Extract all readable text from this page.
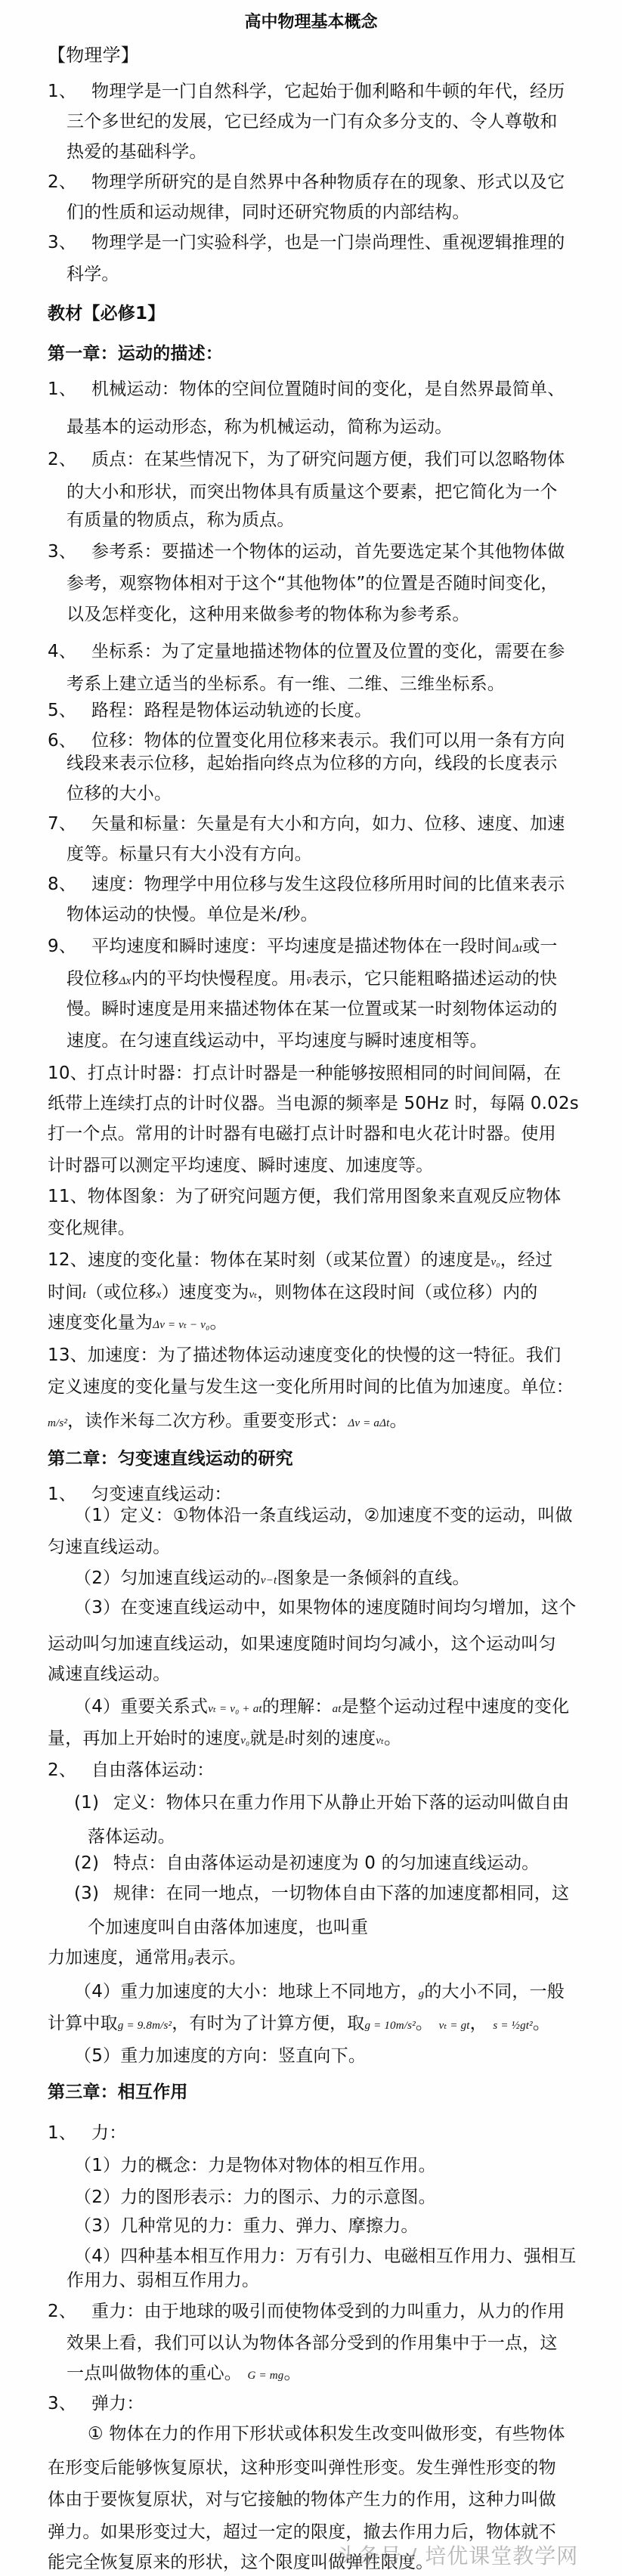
高中物理基本概念
【物理学】
1、 物理学是一门自然科学，它起始于伽利略和牛顿的年代，经历
三个多世纪的发展，它已经成为一门有众多分支的、令人尊敬和
热爱的基础科学。
2、 物理学所研究的是自然界中各种物质存在的现象、形式以及它
们的性质和运动规律，同时还研究物质的内部结构。
3、 物理学是一门实验科学，也是一门崇尚理性、重视逻辑推理的
科学。
教材【必修1】
第一章：运动的描述：
1、 机械运动：物体的空间位置随时间的变化，是自然界最简单、
最基本的运动形态，称为机械运动，简称为运动。
2、 质点：在某些情况下，为了研究问题方便，我们可以忽略物体
的大小和形状，而突出物体具有质量这个要素，把它简化为一个
有质量的物质点，称为质点。
3、 参考系：要描述一个物体的运动，首先要选定某个其他物体做
参考，观察物体相对于这个“其他物体”的位置是否随时间变化，
以及怎样变化，这种用来做参考的物体称为参考系。
4、 坐标系：为了定量地描述物体的位置及位置的变化，需要在参
考系上建立适当的坐标系。有一维、二维、三维坐标系。
5、 路程：路程是物体运动轨迹的长度。
6、 位移：物体的位置变化用位移来表示。我们可以用一条有方向
线段来表示位移，起始指向终点为位移的方向，线段的长度表示
位移的大小。
7、 矢量和标量：矢量是有大小和方向，如力、位移、速度、加速
度等。标量只有大小没有方向。
8、 速度：物理学中用位移与发生这段位移所用时间的比值来表示
物体运动的快慢。单位是米/秒。
9、 平均速度和瞬时速度：平均速度是描述物体在一段时间Δt或一
段位移Δx内的平均快慢程度。用v̄表示，它只能粗略描述运动的快
慢。瞬时速度是用来描述物体在某一位置或某一时刻物体运动的
速度。在匀速直线运动中，平均速度与瞬时速度相等。
10、打点计时器：打点计时器是一种能够按照相同的时间间隔，在
纸带上连续打点的计时仪器。当电源的频率是 50Hz 时，每隔 0.02s
打一个点。常用的计时器有电磁打点计时器和电火花计时器。使用
计时器可以测定平均速度、瞬时速度、加速度等。
11、物体图象：为了研究问题方便，我们常用图象来直观反应物体
变化规律。
12、速度的变化量：物体在某时刻（或某位置）的速度是v₀，经过
时间t（或位移x）速度变为vₜ，则物体在这段时间（或位移）内的
速度变化量为Δv = vₜ − v₀。
13、加速度：为了描述物体运动速度变化的快慢的这一特征。我们
定义速度的变化量与发生这一变化所用时间的比值为加速度。单位：
m/s²，读作米每二次方秒。重要变形式：Δv = aΔt。
第二章：匀变速直线运动的研究
1、 匀变速直线运动：
（1）定义：①物体沿一条直线运动，②加速度不变的运动，叫做
匀速直线运动。
（2）匀加速直线运动的v−t图象是一条倾斜的直线。
（3）在变速直线运动中，如果物体的速度随时间均匀增加，这个
运动叫匀加速直线运动，如果速度随时间均匀减小，这个运动叫匀
减速直线运动。
（4）重要关系式vₜ = v₀ + at的理解：at是整个运动过程中速度的变化
量，再加上开始时的速度v₀就是t时刻的速度vₜ。
2、 自由落体运动：
(1) 定义：物体只在重力作用下从静止开始下落的运动叫做自由
落体运动。
(2) 特点：自由落体运动是初速度为 0 的匀加速直线运动。
(3) 规律：在同一地点，一切物体自由下落的加速度都相同，这
个加速度叫自由落体加速度，也叫重
力加速度，通常用g表示。
（4）重力加速度的大小：地球上不同地方，g的大小不同，一般
计算中取g = 9.8m/s²，有时为了计算方便，取g = 10m/s²。 vₜ = gt， s = ½gt²。
（5）重力加速度的方向：竖直向下。
第三章：相互作用
1、 力：
（1）力的概念：力是物体对物体的相互作用。
（2）力的图形表示：力的图示、力的示意图。
（3）几种常见的力：重力、弹力、摩擦力。
（4）四种基本相互作用力：万有引力、电磁相互作用力、强相互
作用力、弱相互作用力。
2、 重力：由于地球的吸引而使物体受到的力叫重力，从力的作用
效果上看，我们可以认为物体各部分受到的作用集中于一点，这
一点叫做物体的重心。 G = mg。
3、 弹力：
① 物体在力的作用下形状或体积发生改变叫做形变，有些物体
在形变后能够恢复原状，这种形变叫弹性形变。发生弹性形变的物
体由于要恢复原状，对与它接触的物体产生力的作用，这种力叫做
弹力。如果形变过大，超过一定的限度，撤去作用力后，物体就不
能完全恢复原来的形状，这个限度叫做弹性限度。
头条号 / 培优课堂教学网
